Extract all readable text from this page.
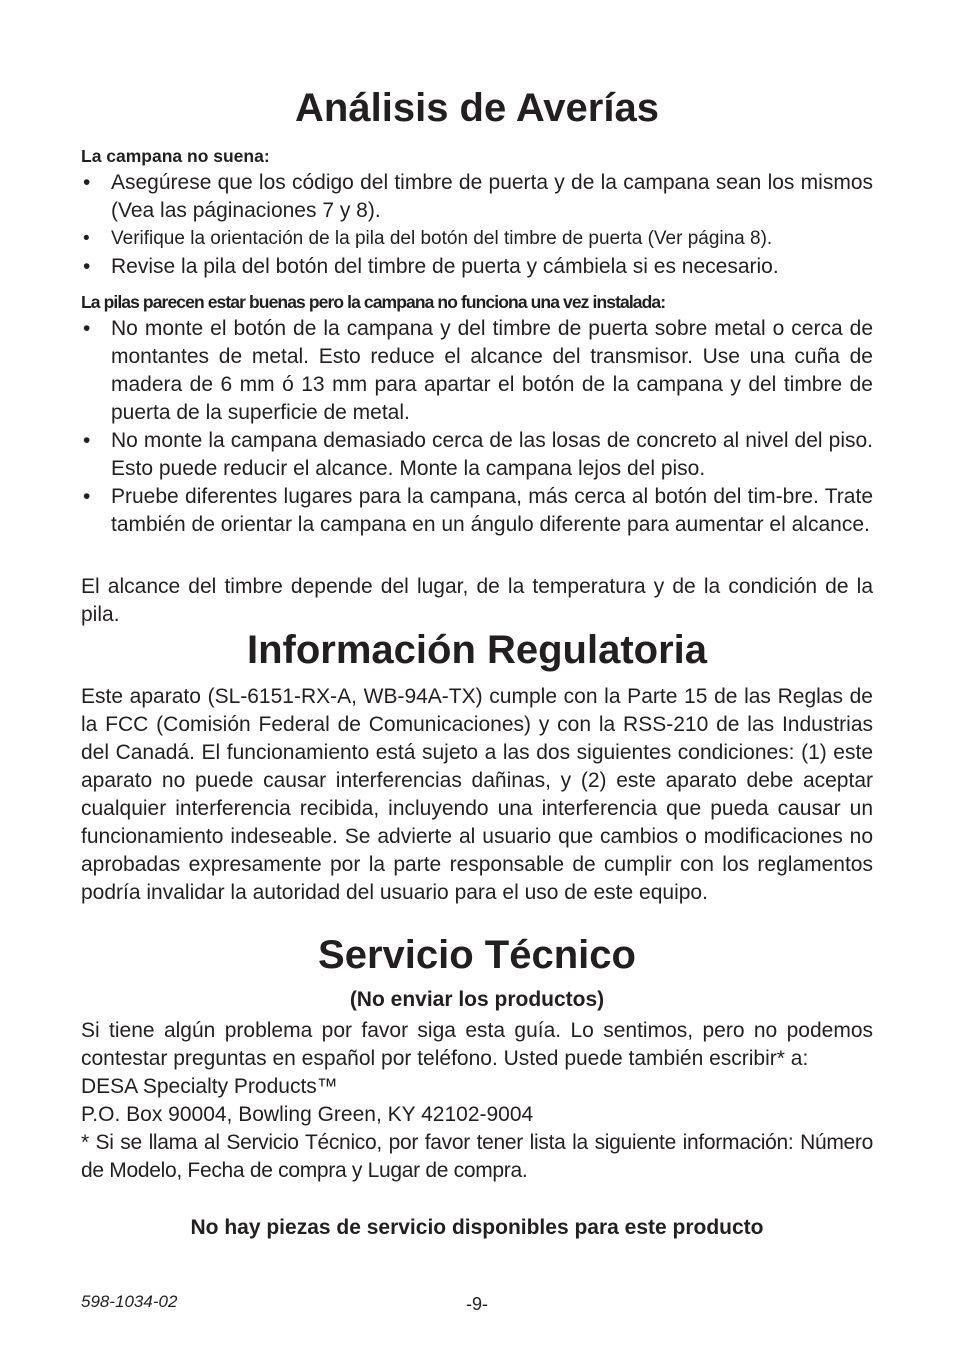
Análisis de Averías

La campana no suena:

• Asegúrese que los código del timbre de puerta y de la campana sean los mismos (Vea las páginaciones 7 y 8).
• Verifique la orientación de la pila del botón del timbre de puerta (Ver página 8).
• Revise la pila del botón del timbre de puerta y cámbiela si es necesario.

La pilas parecen estar buenas pero la campana no funciona una vez instalada:

• No monte el botón de la campana y del timbre de puerta sobre metal o cerca de montantes de metal. Esto reduce el alcance del transmisor. Use una cuña de madera de 6 mm ó 13 mm para apartar el botón de la campana y del timbre de puerta de la superficie de metal.
• No monte la campana demasiado cerca de las losas de concreto al nivel del piso. Esto puede reducir el alcance. Monte la campana lejos del piso.
• Pruebe diferentes lugares para la campana, más cerca al botón del tim-bre. Trate también de orientar la campana en un ángulo diferente para aumentar el alcance.

El alcance del timbre depende del lugar, de la temperatura y de la condición de la pila.

Información Regulatoria

Este aparato (SL-6151-RX-A, WB-94A-TX) cumple con la Parte 15 de las Reglas de la FCC (Comisión Federal de Comunicaciones) y con la RSS-210 de las Industrias del Canadá. El funcionamiento está sujeto a las dos siguientes condiciones: (1) este aparato no puede causar interferencias dañinas, y (2) este aparato debe aceptar cualquier interferencia recibida, incluyendo una interferencia que pueda causar un funcionamiento indeseable. Se advierte al usuario que cambios o modificaciones no aprobadas expresamente por la parte responsable de cumplir con los reglamentos podría invalidar la autoridad del usuario para el uso de este equipo.

Servicio Técnico

(No enviar los productos)

Si tiene algún problema por favor siga esta guía. Lo sentimos, pero no podemos contestar preguntas en español por teléfono. Usted puede también escribir* a:

DESA Specialty Products™

P.O. Box 90004, Bowling Green, KY 42102-9004

* Si se llama al Servicio Técnico, por favor tener lista la siguiente información: Número de Modelo, Fecha de compra y Lugar de compra.

No hay piezas de servicio disponibles para este producto

598-1034-02	-9-
